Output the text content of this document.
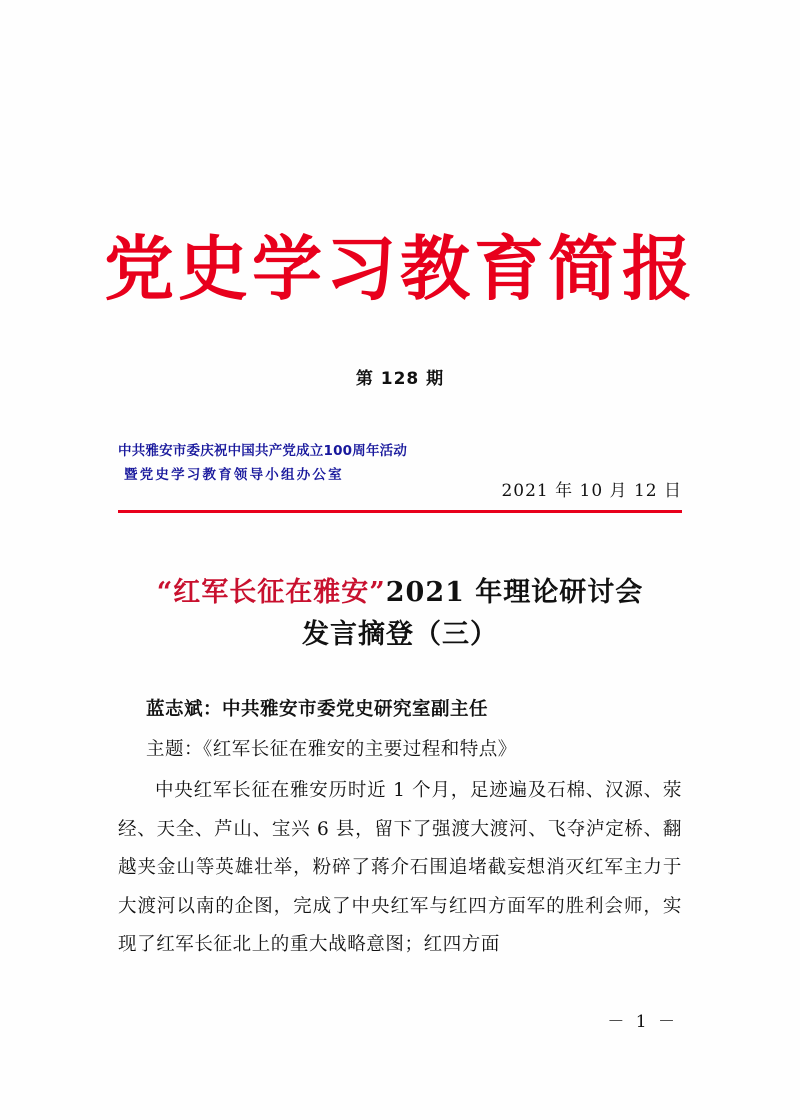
党史学习教育简报
第 128 期
中共雅安市委庆祝中国共产党成立100周年活动
暨党史学习教育领导小组办公室
2021 年 10 月 12 日
“红军长征在雅安”2021 年理论研讨会
发言摘登（三）
蓝志斌：中共雅安市委党史研究室副主任
主题：《红军长征在雅安的主要过程和特点》
中央红军长征在雅安历时近 1 个月，足迹遍及石棉、汉源、荥经、天全、芦山、宝兴 6 县，留下了强渡大渡河、飞夺泸定桥、翻越夹金山等英雄壮举，粉碎了蒋介石围追堵截妄想消灭红军主力于大渡河以南的企图，完成了中央红军与红四方面军的胜利会师，实现了红军长征北上的重大战略意图；红四方面
－ 1 －
